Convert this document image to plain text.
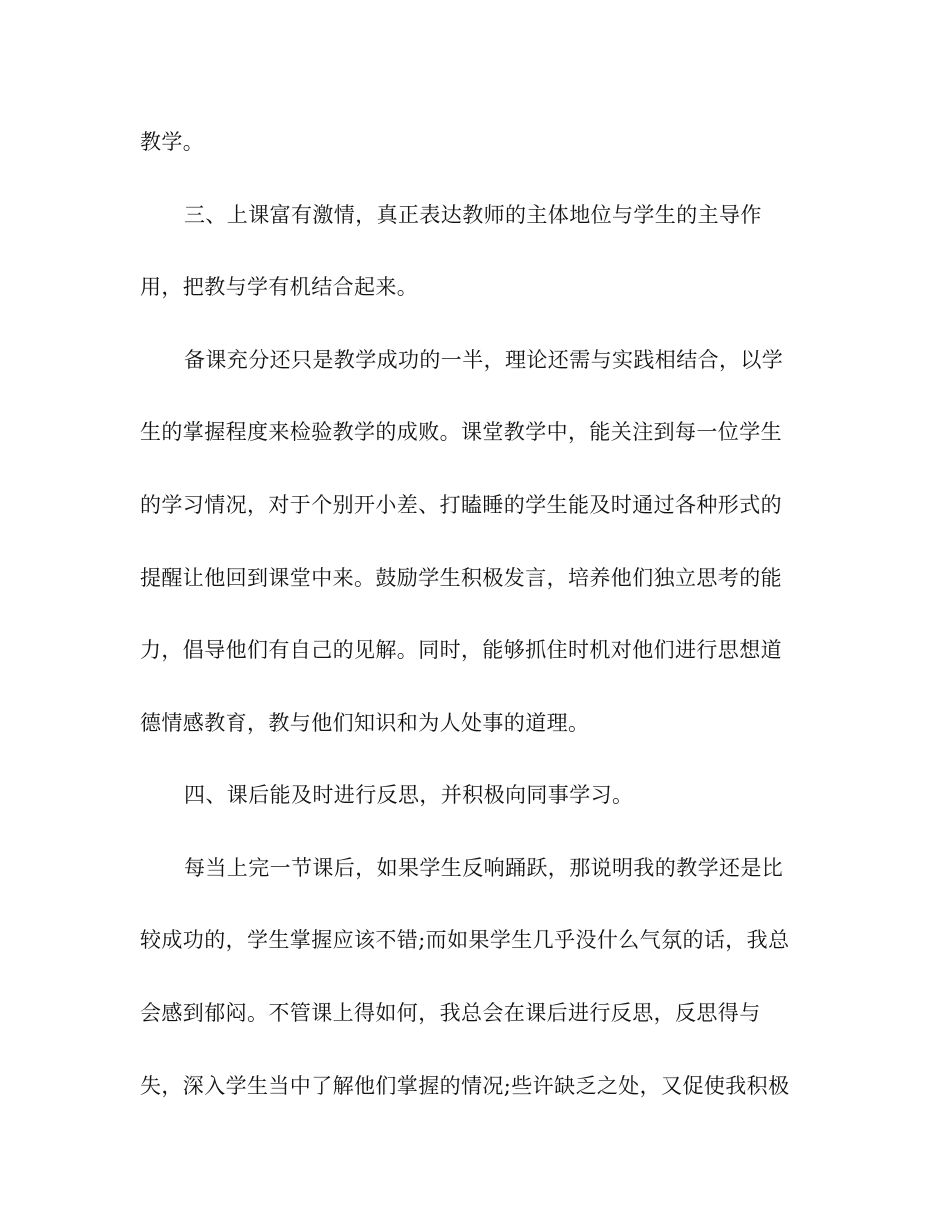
教学。

三、上课富有激情，真正表达教师的主体地位与学生的主导作

用，把教与学有机结合起来。

备课充分还只是教学成功的一半，理论还需与实践相结合，以学

生的掌握程度来检验教学的成败。课堂教学中，能关注到每一位学生

的学习情况，对于个别开小差、打瞌睡的学生能及时通过各种形式的

提醒让他回到课堂中来。鼓励学生积极发言，培养他们独立思考的能

力，倡导他们有自己的见解。同时，能够抓住时机对他们进行思想道

德情感教育，教与他们知识和为人处事的道理。

四、课后能及时进行反思，并积极向同事学习。

每当上完一节课后，如果学生反响踊跃，那说明我的教学还是比

较成功的，学生掌握应该不错;而如果学生几乎没什么气氛的话，我总

会感到郁闷。不管课上得如何，我总会在课后进行反思，反思得与

失，深入学生当中了解他们掌握的情况;些许缺乏之处，又促使我积极
